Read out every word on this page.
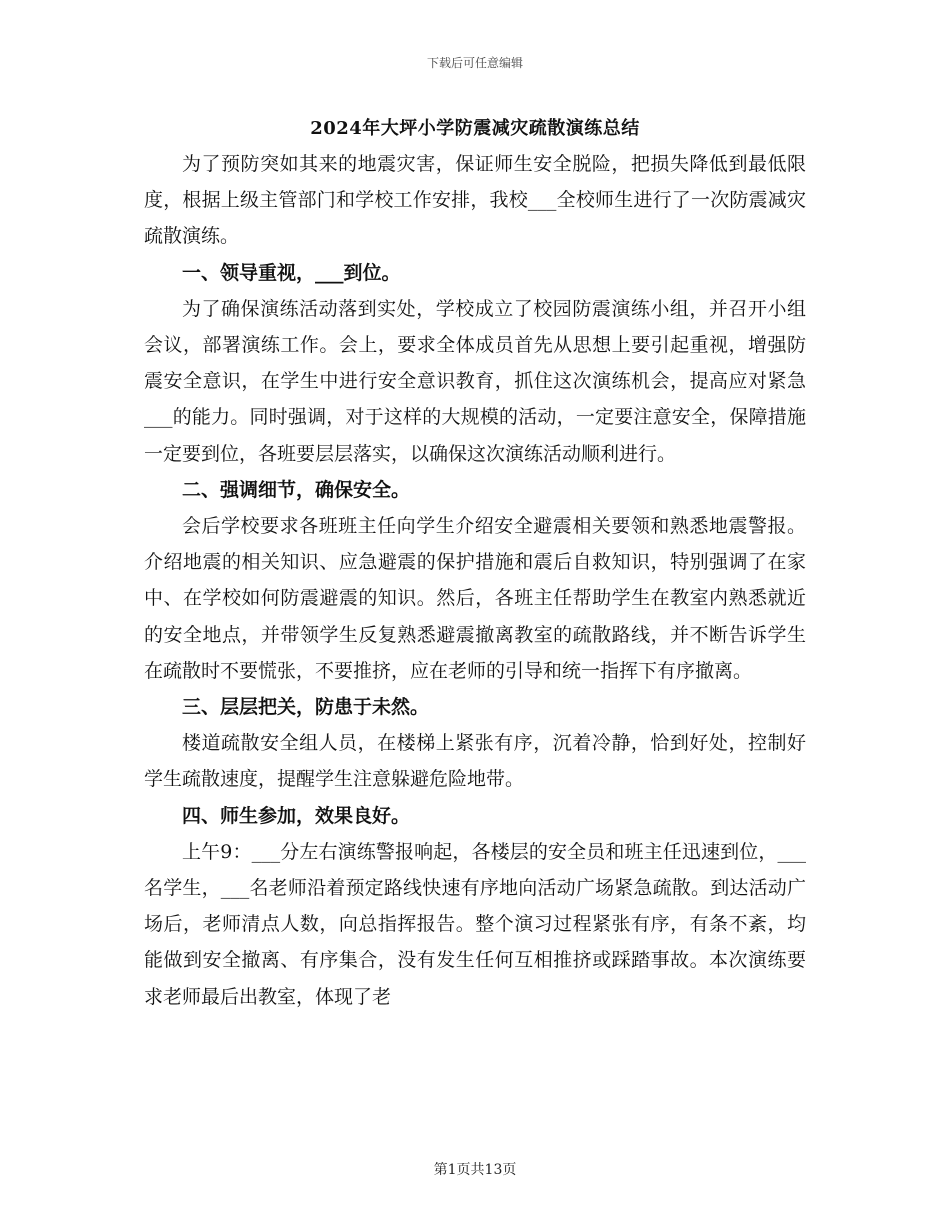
下载后可任意编辑
2024年大坪小学防震减灾疏散演练总结

为了预防突如其来的地震灾害，保证师生安全脱险，把损失降低到最低限度，根据上级主管部门和学校工作安排，我校___全校师生进行了一次防震减灾疏散演练。

一、领导重视，___到位。

为了确保演练活动落到实处，学校成立了校园防震演练小组，并召开小组会议，部署演练工作。会上，要求全体成员首先从思想上要引起重视，增强防震安全意识，在学生中进行安全意识教育，抓住这次演练机会，提高应对紧急___的能力。同时强调，对于这样的大规模的活动，一定要注意安全，保障措施一定要到位，各班要层层落实，以确保这次演练活动顺利进行。

二、强调细节，确保安全。

会后学校要求各班班主任向学生介绍安全避震相关要领和熟悉地震警报。介绍地震的相关知识、应急避震的保护措施和震后自救知识，特别强调了在家中、在学校如何防震避震的知识。然后，各班主任帮助学生在教室内熟悉就近的安全地点，并带领学生反复熟悉避震撤离教室的疏散路线，并不断告诉学生在疏散时不要慌张，不要推挤，应在老师的引导和统一指挥下有序撤离。

三、层层把关，防患于未然。

楼道疏散安全组人员，在楼梯上紧张有序，沉着冷静，恰到好处，控制好学生疏散速度，提醒学生注意躲避危险地带。

四、师生参加，效果良好。

上午9：___分左右演练警报响起，各楼层的安全员和班主任迅速到位，___名学生，___名老师沿着预定路线快速有序地向活动广场紧急疏散。到达活动广场后，老师清点人数，向总指挥报告。整个演习过程紧张有序，有条不紊，均能做到安全撤离、有序集合，没有发生任何互相推挤或踩踏事故。本次演练要求老师最后出教室，体现了老

第1页共13页
